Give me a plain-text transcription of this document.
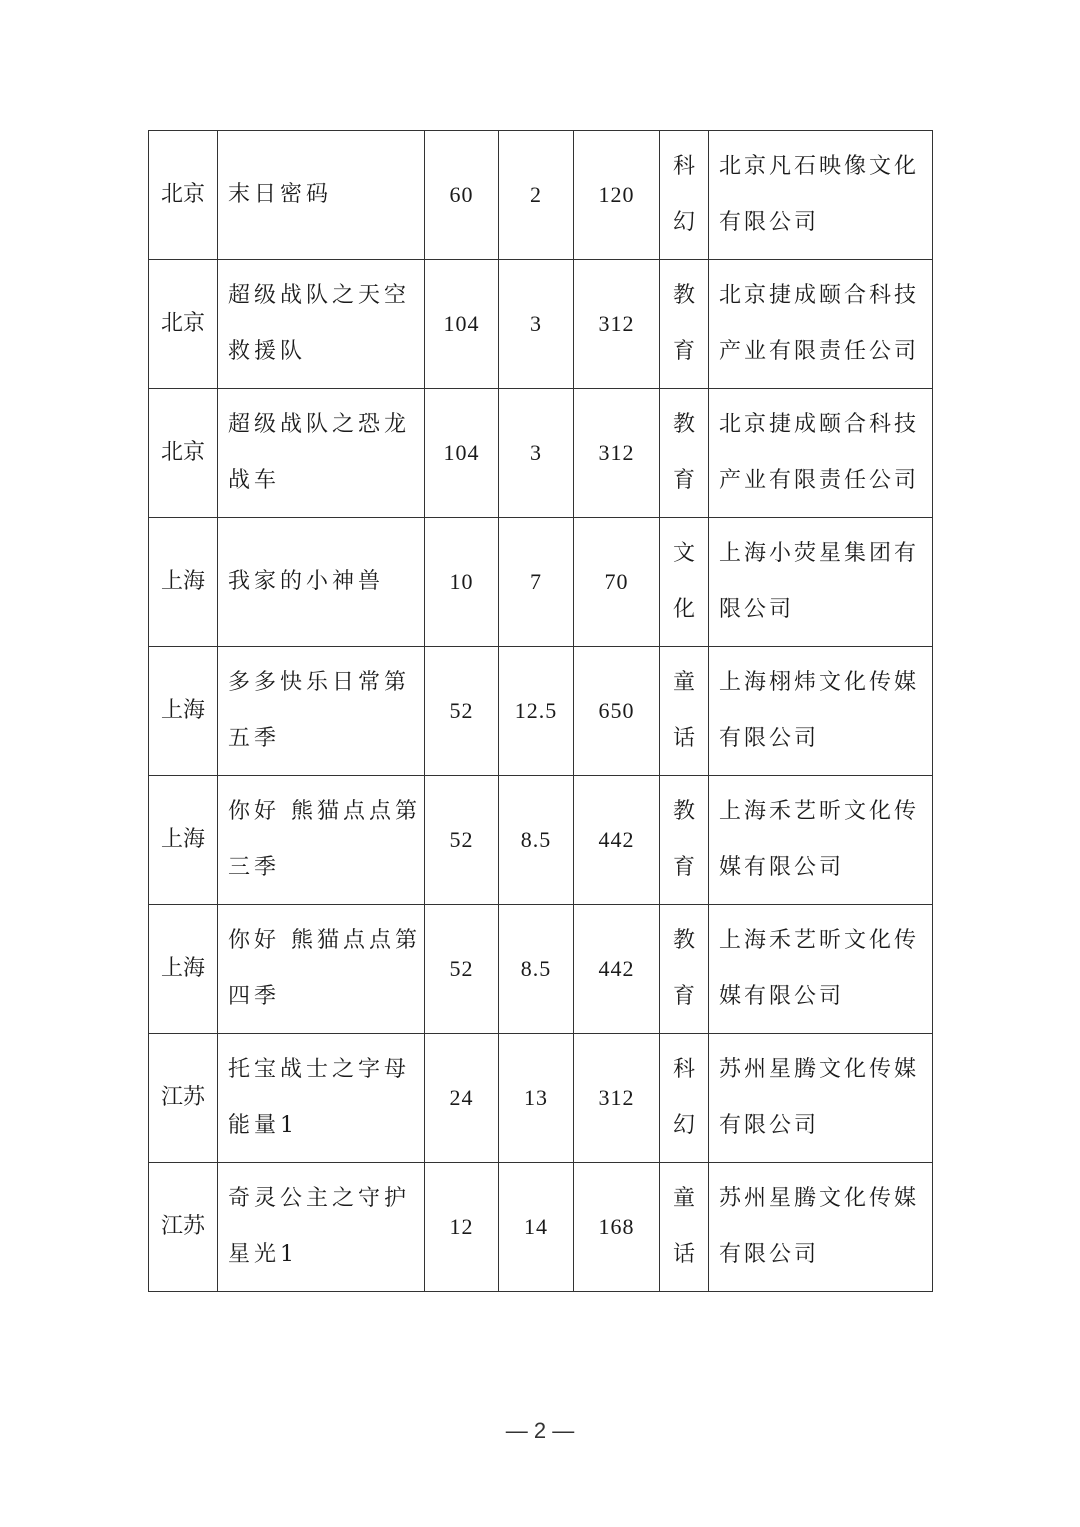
北京	末日密码	60	2	120	科幻	北京凡石映像文化有限公司
北京	超级战队之天空救援队	104	3	312	教育	北京捷成颐合科技产业有限责任公司
北京	超级战队之恐龙战车	104	3	312	教育	北京捷成颐合科技产业有限责任公司
上海	我家的小神兽	10	7	70	文化	上海小荧星集团有限公司
上海	多多快乐日常第五季	52	12.5	650	童话	上海栩炜文化传媒有限公司
上海	你好 熊猫点点第三季	52	8.5	442	教育	上海禾艺昕文化传媒有限公司
上海	你好 熊猫点点第四季	52	8.5	442	教育	上海禾艺昕文化传媒有限公司
江苏	托宝战士之字母能量1	24	13	312	科幻	苏州星腾文化传媒有限公司
江苏	奇灵公主之守护星光1	12	14	168	童话	苏州星腾文化传媒有限公司
— 2 —
